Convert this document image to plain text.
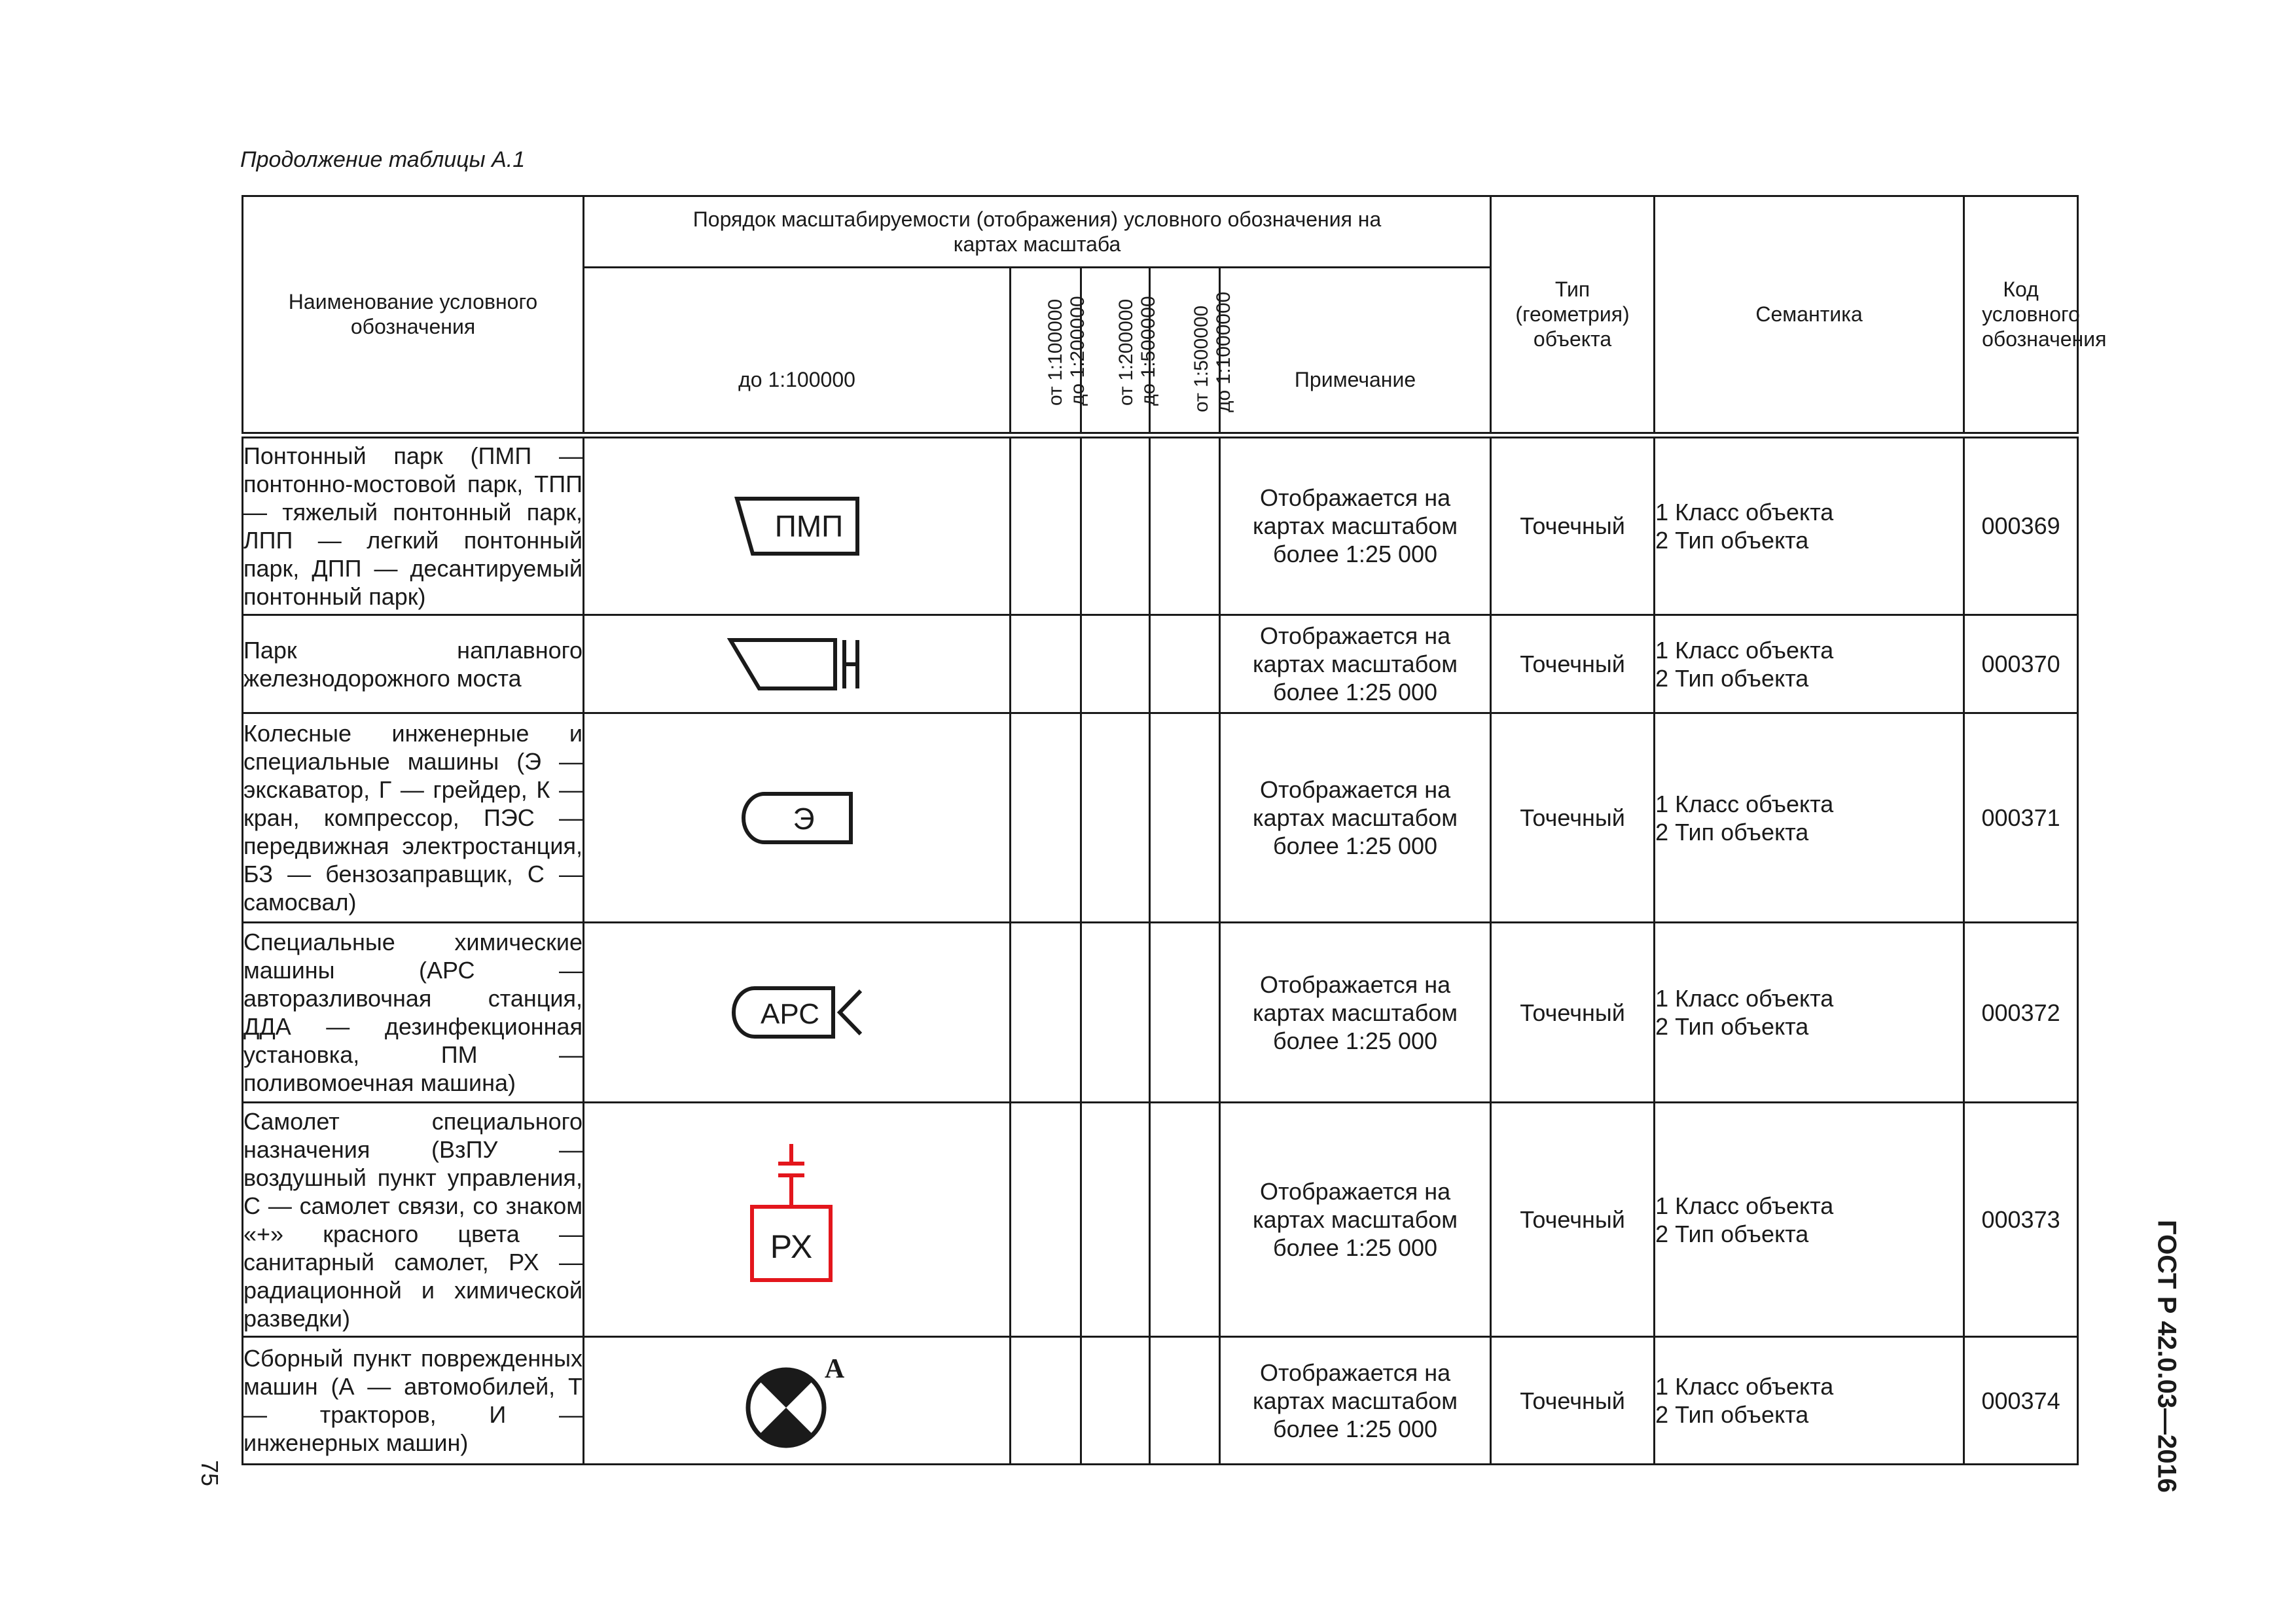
Продолжение таблицы А.1
Наименование условного обозначения	Порядок масштабируемости (отображения) условного обозначения на картах масштаба					Тип (геометрия) объекта	Семантика	Код условного обозначения
	до 1:100000	от 1:100000 до 1:200000	от 1:200000 до 1:500000	от 1:500000 до 1:1000000	Примечание			
Понтонный парк (ПМП — понтонно-мостовой парк, ТПП — тяжелый понтонный парк, ЛПП — легкий понтонный парк, ДПП — десантируемый понтонный парк)	ПМП				Отображается на картах масштабом более 1:25 000	Точечный	1 Класс объекта
2 Тип объекта	000369
Парк наплавного железнодорожного моста					Отображается на картах масштабом более 1:25 000	Точечный	1 Класс объекта
2 Тип объекта	000370
Колесные инженерные и специальные машины (Э — экскаватор, Г — грейдер, К — кран, компрессор, ПЭС — передвижная электростанция, БЗ — бензозаправщик, С — самосвал)	Э				Отображается на картах масштабом более 1:25 000	Точечный	1 Класс объекта
2 Тип объекта	000371
Специальные химические машины (АРС — авторазливочная станция, ДДА — дезинфекционная установка, ПМ — поливомоечная машина)	АРС				Отображается на картах масштабом более 1:25 000	Точечный	1 Класс объекта
2 Тип объекта	000372
Самолет специального назначения (ВзПУ — воздушный пункт управления, С — самолет связи, со знаком «+» красного цвета — санитарный самолет, РХ — радиационной и химической разведки)	РХ				Отображается на картах масштабом более 1:25 000	Точечный	1 Класс объекта
2 Тип объекта	000373
Сборный пункт поврежденных машин (А — автомобилей, Т — тракторов, И — инженерных машин)	А				Отображается на картах масштабом более 1:25 000	Точечный	1 Класс объекта
2 Тип объекта	000374
75	ГОСТ Р 42.0.03—2016
